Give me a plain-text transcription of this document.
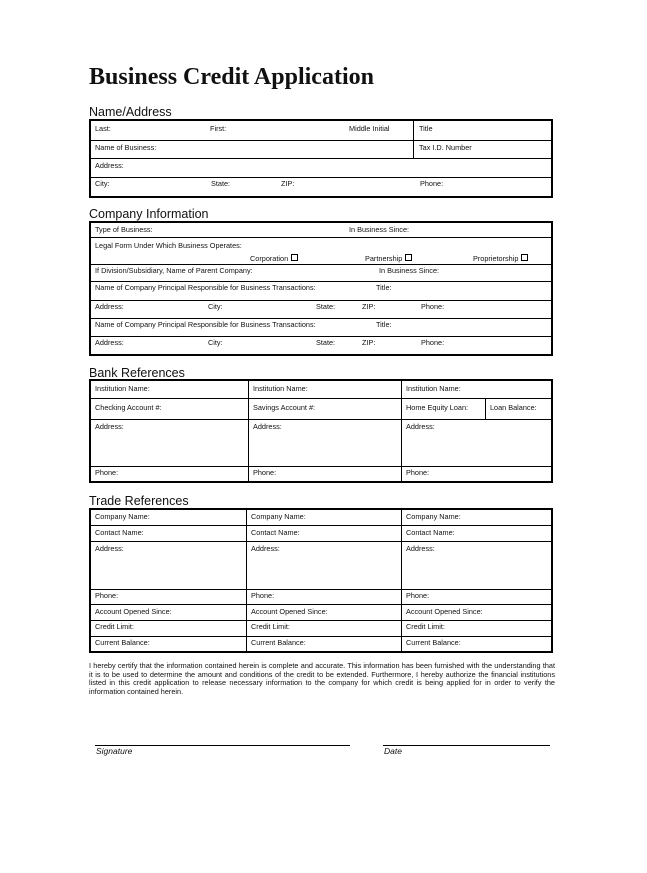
Business Credit Application
Name/Address
Last:	First:	Middle Initial	Title
Name of Business:	Tax I.D. Number
Address:
City:	State:	ZIP:	Phone:
Company Information
Type of Business:	In Business Since:
Legal Form Under Which Business Operates:
Corporation	Partnership	Proprietorship
If Division/Subsidiary, Name of Parent Company:	In Business Since:
Name of Company Principal Responsible for Business Transactions:	Title:
Address:	City:	State:	ZIP:	Phone:
Name of Company Principal Responsible for Business Transactions:	Title:
Address:	City:	State:	ZIP:	Phone:
Bank References
Institution Name:	Institution Name:	Institution Name:
Checking Account #:	Savings Account #:	Home Equity Loan:	Loan Balance:
Address:	Address:	Address:
Phone:	Phone:	Phone:
Trade References
Company Name:	Company Name:	Company Name:
Contact Name:	Contact Name:	Contact Name:
Address:	Address:	Address:
Phone:	Phone:	Phone:
Account Opened Since:	Account Opened Since:	Account Opened Since:
Credit Limit:	Credit Limit:	Credit Limit:
Current Balance:	Current Balance:	Current Balance:
I hereby certify that the information contained herein is complete and accurate. This information has been furnished with the understanding that it is to be used to determine the amount and conditions of the credit to be extended. Furthermore, I hereby authorize the financial institutions listed in this credit application to release necessary information to the company for which credit is being applied for in order to verify the information contained herein.
Signature	Date
